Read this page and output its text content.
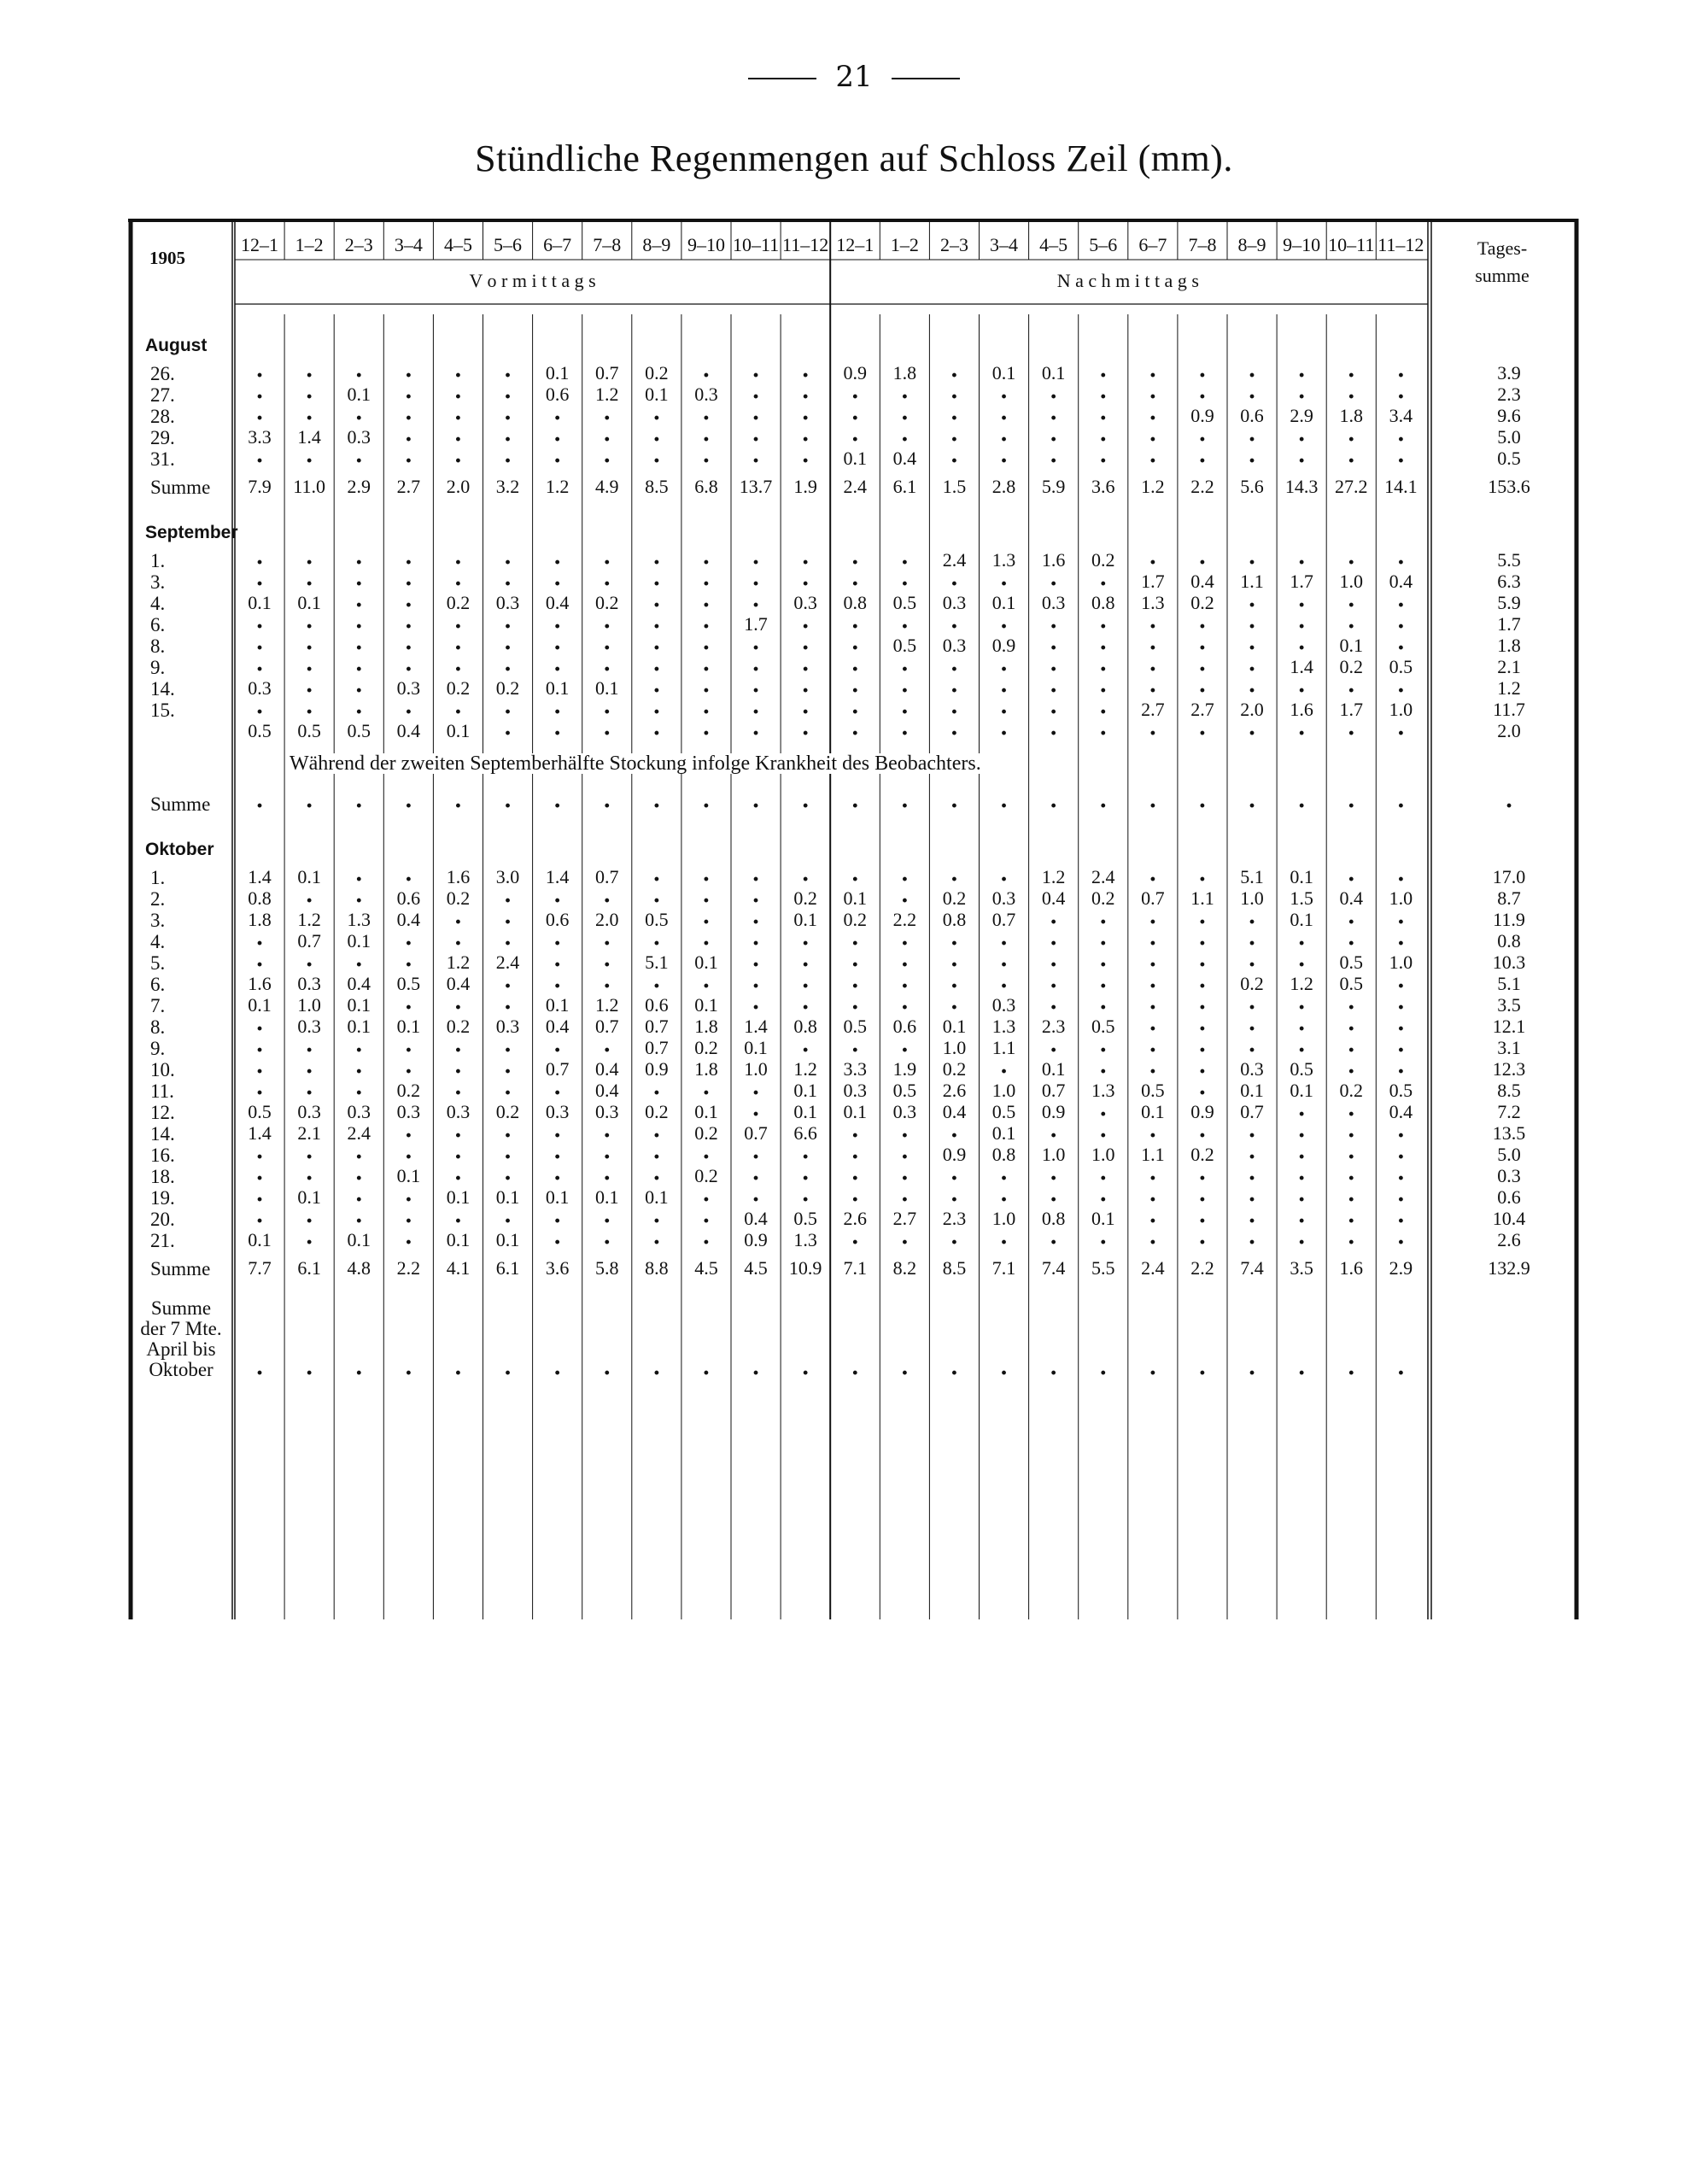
21
Stündliche Regenmengen auf Schloss Zeil (mm).
1905
12–1 1–2 2–3 3–4 4–5 5–6 6–7 7–8 8–9 9–10 10–11 11–12 12–1 1–2 2–3 3–4 4–5 5–6 6–7 7–8 8–9 9–10 10–11 11–12
V o r m i t t a g s	N a c h m i t t a g s
Tages-
summe
August
26.	. . . . . . 0.1 0.7 0.2 . . . 0.9 1.8 . 0.1 0.1 . . . . . . .	3.9
27.	. . 0.1 . . . 0.6 1.2 0.1 0.3 . . . . . . . . . . . . . .	2.3
28.	. . . . . . . . . . . . . . . . . . . 0.9 0.6 2.9 1.8 3.4	9.6
29.	3.3 1.4 0.3 . . . . . . . . . . . . . . . . . . . . .	5.0
31.	. . . . . . . . . . . . 0.1 0.4 . . . . . . . . . .	0.5
Summe 7.9 11.0 2.9 2.7 2.0 3.2 1.2 4.9 8.5 6.8 13.7 1.9 2.4 6.1 1.5 2.8 5.9 3.6 1.2 2.2 5.6 14.3 27.2 14.1	153.6
September
1.	. . . . . . . . . . . . . . 2.4 1.3 1.6 0.2 . . . . . .	5.5
3.	. . . . . . . . . . . . . . . . . . 1.7 0.4 1.1 1.7 1.0 0.4	6.3
4.	0.1 0.1 . . 0.2 0.3 0.4 0.2 . . . 0.3 0.8 0.5 0.3 0.1 0.3 0.8 1.3 0.2 . . . .	5.9
6.	. . . . . . . . . . 1.7 . . . . . . . . . . . . .	1.7
8.	. . . . . . . . . . . . . 0.5 0.3 0.9 . . . . . . 0.1 .	1.8
9.	. . . . . . . . . . . . . . . . . . . . . 1.4 0.2 0.5	2.1
14.	0.3 . . 0.3 0.2 0.2 0.1 0.1 . . . . . . . . . . . . . . . .	1.2
15.	. . . . . . . . . . . . . . . . . . 2.7 2.7 2.0 1.6 1.7 1.0	11.7
0.5 0.5 0.5 0.4 0.1 . . . . . . . . . . . . . . . . . . .	2.0
Während der zweiten Septemberhälfte Stockung infolge Krankheit des Beobachters.
Summe . . . . . . . . . . . . . . . . . . . . . . . .	.
Oktober
1.	1.4 0.1 . . 1.6 3.0 1.4 0.7 . . . . . . . . 1.2 2.4 . . 5.1 0.1 . .	17.0
2.	0.8 . . 0.6 0.2 . . . . . . 0.2 0.1 . 0.2 0.3 0.4 0.2 0.7 1.1 1.0 1.5 0.4 1.0	8.7
3.	1.8 1.2 1.3 0.4 . . 0.6 2.0 0.5 . . 0.1 0.2 2.2 0.8 0.7 . . . . . 0.1 . .	11.9
4.	. 0.7 0.1 . . . . . . . . . . . . . . . . . . . . .	0.8
5.	. . . . 1.2 2.4 . . 5.1 0.1 . . . . . . . . . . . . 0.5 1.0	10.3
6.	1.6 0.3 0.4 0.5 0.4 . . . . . . . . . . . . . . . 0.2 1.2 0.5 .	5.1
7.	0.1 1.0 0.1 . . . 0.1 1.2 0.6 0.1 . . . . . 0.3 . . . . . . . .	3.5
8.	. 0.3 0.1 0.1 0.2 0.3 0.4 0.7 0.7 1.8 1.4 0.8 0.5 0.6 0.1 1.3 2.3 0.5 . . . . . .	12.1
9.	. . . . . . . . 0.7 0.2 0.1 . . . 1.0 1.1 . . . . . . . .	3.1
10.	. . . . . . 0.7 0.4 0.9 1.8 1.0 1.2 3.3 1.9 0.2 . 0.1 . . . 0.3 0.5 . .	12.3
11.	. . . 0.2 . . . 0.4 . . . 0.1 0.3 0.5 2.6 1.0 0.7 1.3 0.5 . 0.1 0.1 0.2 0.5	8.5
12.	0.5 0.3 0.3 0.3 0.3 0.2 0.3 0.3 0.2 0.1 . 0.1 0.1 0.3 0.4 0.5 0.9 . 0.1 0.9 0.7 . . 0.4	7.2
14.	1.4 2.1 2.4 . . . . . . 0.2 0.7 6.6 . . . 0.1 . . . . . . . .	13.5
16.	. . . . . . . . . . . . . . 0.9 0.8 1.0 1.0 1.1 0.2 . . . .	5.0
18.	. . . 0.1 . . . . . 0.2 . . . . . . . . . . . . . .	0.3
19.	. 0.1 . . 0.1 0.1 0.1 0.1 0.1 . . . . . . . . . . . . . . .	0.6
20.	. . . . . . . . . . 0.4 0.5 2.6 2.7 2.3 1.0 0.8 0.1 . . . . . .	10.4
21.	0.1 . 0.1 . 0.1 0.1 . . . . 0.9 1.3 . . . . . . . . . . . .	2.6
Summe 7.7 6.1 4.8 2.2 4.1 6.1 3.6 5.8 8.8 4.5 4.5 10.9 7.1 8.2 8.5 7.1 7.4 5.5 2.4 2.2 7.4 3.5 1.6 2.9	132.9
Summe
der 7 Mte.
April bis
Oktober . . . . . . . . . . . . . . . . . . . . . . . .
